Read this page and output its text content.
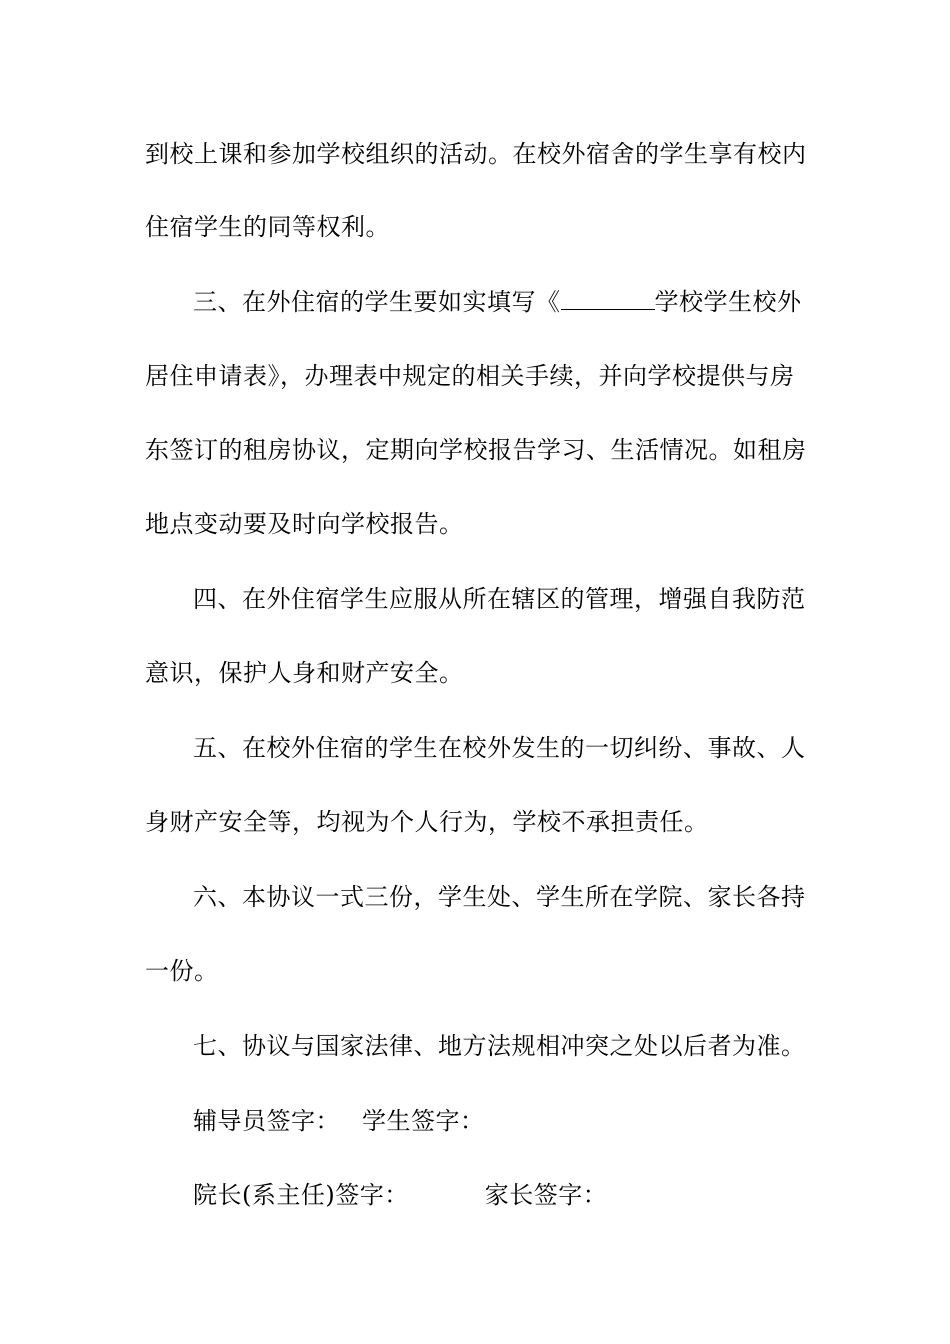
到校上课和参加学校组织的活动。在校外宿舍的学生享有校内
住宿学生的同等权利。
三、在外住宿的学生要如实填写《	学校学生校外
居住申请表》，办理表中规定的相关手续，并向学校提供与房
东签订的租房协议，定期向学校报告学习、生活情况。如租房
地点变动要及时向学校报告。
四、在外住宿学生应服从所在辖区的管理，增强自我防范
意识，保护人身和财产安全。
五、在校外住宿的学生在校外发生的一切纠纷、事故、人
身财产安全等，均视为个人行为，学校不承担责任。
六、本协议一式三份，学生处、学生所在学院、家长各持
一份。
七、协议与国家法律、地方法规相冲突之处以后者为准。
辅导员签字： 学生签字：
院长(系主任)签字：	家长签字：
